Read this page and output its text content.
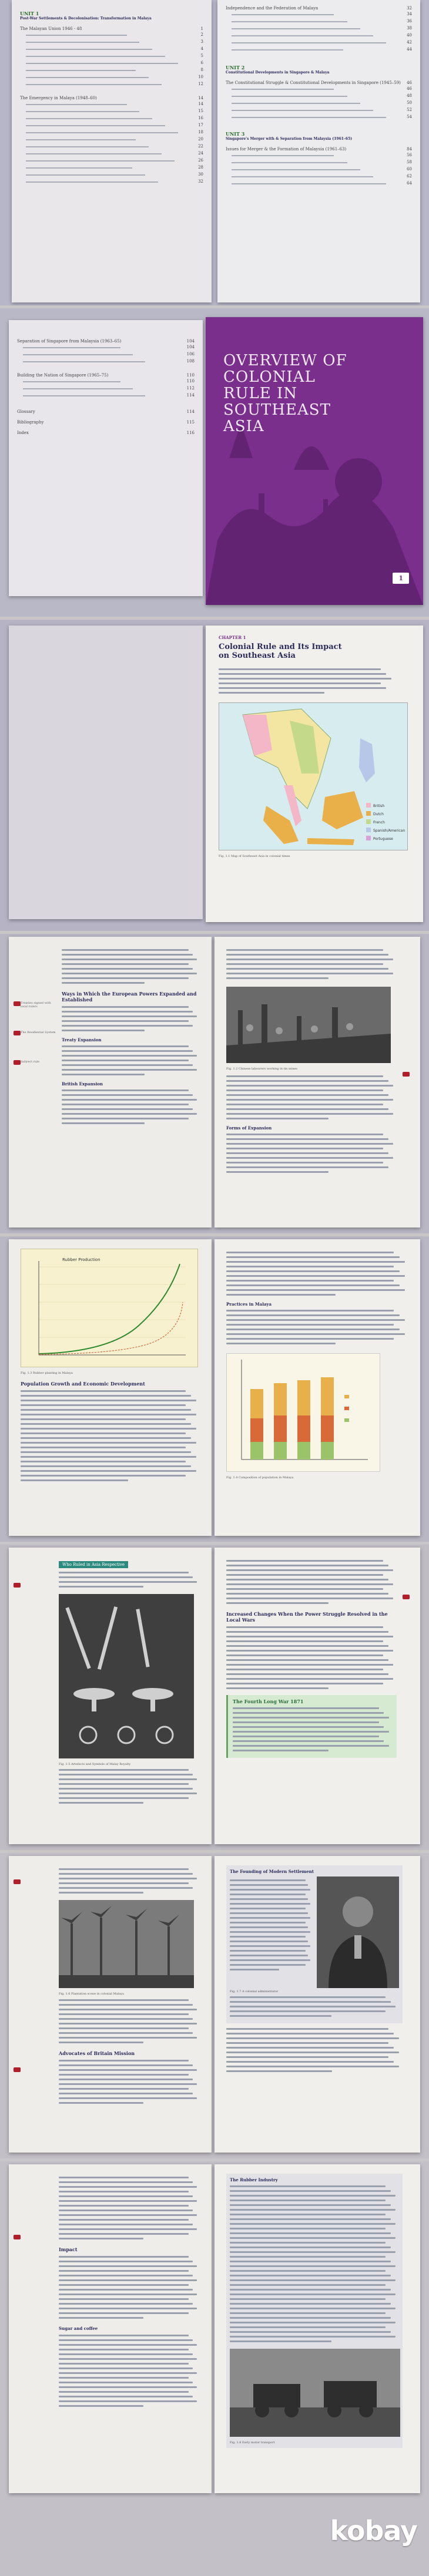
UNIT 1
Post-War Settlements & Decolonisation: Transformation in Malaya
The Malayan Union 1946 - 48	1
2
3
4
5
6
8
10
12
The Emergency in Malaya (1948–60)	14
14
15
16
17
18
20
22
24
26
28
30
32
Independence and the Federation of Malaya	32
34
36
38
40
42
44
UNIT 2
Constitutional Developments in Singapore & Malaya
The Constitutional Struggle & Constitutional Developments in Singapore (1945–59) 46
46
48
50
52
54
UNIT 3
Singapore's Merger with & Separation from Malaysia (1961–65)
Issues for Merger & the Formation of Malaysia (1961–63)	84
56
58
60
62
64
Separation of Singapore from Malaysia (1963–65)	104
104
106
108
Building the Nation of Singapore (1965–75)	110
110
112
114
Glossary	114
Bibliography	115
Index	116
OVERVIEW OF COLONIAL RULE IN SOUTHEAST ASIA
1
CHAPTER 1
Colonial Rule and Its Impact on Southeast Asia
British
Dutch
French
Spanish/American
Portuguese
Fig. 1.1 Map of Southeast Asia in colonial times
Ways in Which the European Powers Expanded and Established
Treaty Expansion
British Expansion
Treaties signed with local rulers
The Residential System
Indirect rule
Fig. 1.2 Chinese labourers working in tin mines
Forms of Expansion
Rubber Production
Fig. 1.3 Rubber planting in Malaya
Population Growth and Economic Development
Practices in Malaya
Fig. 1.4 Composition of population in Malaya
Who Ruled in Asia Respective
Fig. 1.5 Artefacts and Symbols of Malay Royalty
Increased Changes When the Power Struggle Resolved in the Local Wars
The Fourth Long War 1871
Fig. 1.6 Plantation scene in colonial Malaya
Advocates of Britain Mission
The Founding of Modern Settlement
Fig. 1.7 A colonial administrator
Impact
Sugar and coffee
The Rubber Industry
Fig. 1.8 Early motor transport
kobay
